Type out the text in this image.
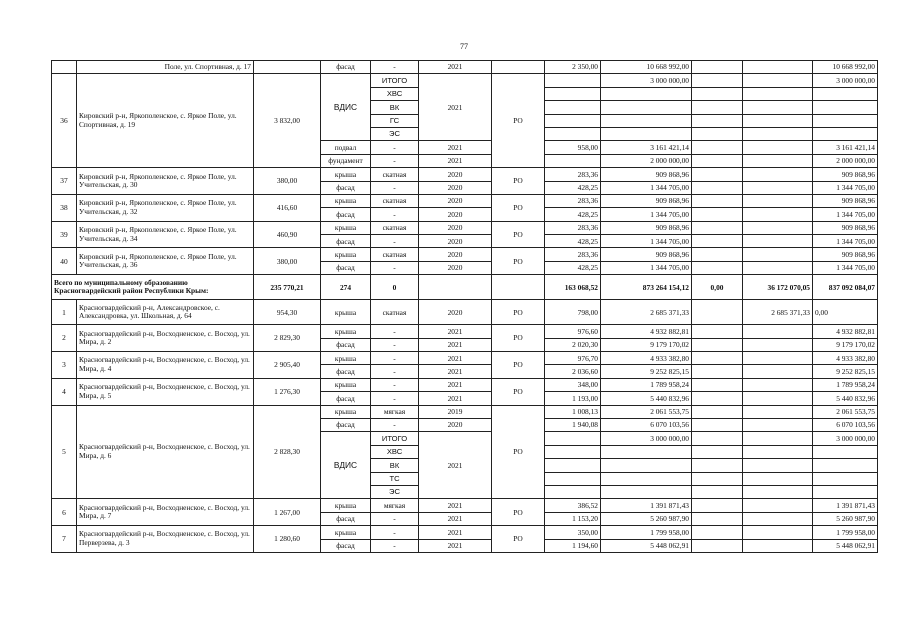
77
	Поле, ул. Спортивная, д. 17		фасад	-	2021		2 350,00	10 668 992,00			10 668 992,00
36	Кировский р-н, Яркополенское, с. Яркое Поле, ул. Спортивная, д. 19	3 832,00	ВДИС	ИТОГО	2021	РО		3 000 000,00			3 000 000,00
				ХВС							
				ВК							
				ГС							
				ЭС							
			подвал	-	2021		958,00	3 161 421,14			3 161 421,14
			фундамент	-	2021			2 000 000,00			2 000 000,00
37	Кировский р-н, Яркополенское, с. Яркое Поле, ул. Учительская, д. 30	380,00	крыша	скатная	2020	РО	283,36	909 868,96			909 868,96
			фасад	-	2020		428,25	1 344 705,00			1 344 705,00
38	Кировский р-н, Яркополенское, с. Яркое Поле, ул. Учительская, д. 32	416,60	крыша	скатная	2020	РО	283,36	909 868,96			909 868,96
			фасад	-	2020		428,25	1 344 705,00			1 344 705,00
39	Кировский р-н, Яркополенское, с. Яркое Поле, ул. Учительская, д. 34	460,90	крыша	скатная	2020	РО	283,36	909 868,96			909 868,96
			фасад	-	2020		428,25	1 344 705,00			1 344 705,00
40	Кировский р-н, Яркополенское, с. Яркое Поле, ул. Учительская, д. 36	380,00	крыша	скатная	2020	РО	283,36	909 868,96			909 868,96
			фасад	-	2020		428,25	1 344 705,00			1 344 705,00
Всего по муниципальному образованию Красногвардейский район Республики Крым:		235 770,21	274	0			163 068,52	873 264 154,12	0,00	36 172 070,05	837 092 084,07
1	Красногвардейский р-н, Александровское, с. Александровка, ул. Школьная, д. 64	954,30	крыша	скатная	2020	РО	798,00	2 685 371,33		2 685 371,33	0,00
2	Красногвардейский р-н, Восходненское, с. Восход, ул. Мира, д. 2	2 829,30	крыша	-	2021	РО	976,60	4 932 882,81			4 932 882,81
			фасад	-	2021		2 020,30	9 179 170,02			9 179 170,02
3	Красногвардейский р-н, Восходненское, с. Восход, ул. Мира, д. 4	2 905,40	крыша	-	2021	РО	976,70	4 933 382,80			4 933 382,80
			фасад	-	2021		2 036,60	9 252 825,15			9 252 825,15
4	Красногвардейский р-н, Восходненское, с. Восход, ул. Мира, д. 5	1 276,30	крыша	-	2021	РО	348,00	1 789 958,24			1 789 958,24
			фасад	-	2021		1 193,00	5 440 832,96			5 440 832,96
5	Красногвардейский р-н, Восходненское, с. Восход, ул. Мира, д. 6	2 828,30	крыша	мягкая	2019	РО	1 008,13	2 061 553,75			2 061 553,75
			фасад	-	2020		1 940,08	6 070 103,56			6 070 103,56
			ВДИС	ИТОГО	2021			3 000 000,00			3 000 000,00
				ХВС							
				ВК							
				ТС							
				ЭС							
6	Красногвардейский р-н, Восходненское, с. Восход, ул. Мира, д. 7	1 267,00	крыша	мягкая	2021	РО	386,52	1 391 871,43			1 391 871,43
			фасад	-	2021		1 153,20	5 260 987,90			5 260 987,90
7	Красногвардейский р-н, Восходненское, с. Восход, ул. Перверзева, д. 3	1 280,60	крыша	-	2021	РО	350,00	1 799 958,00			1 799 958,00
			фасад	-	2021		1 194,60	5 448 062,91			5 448 062,91
